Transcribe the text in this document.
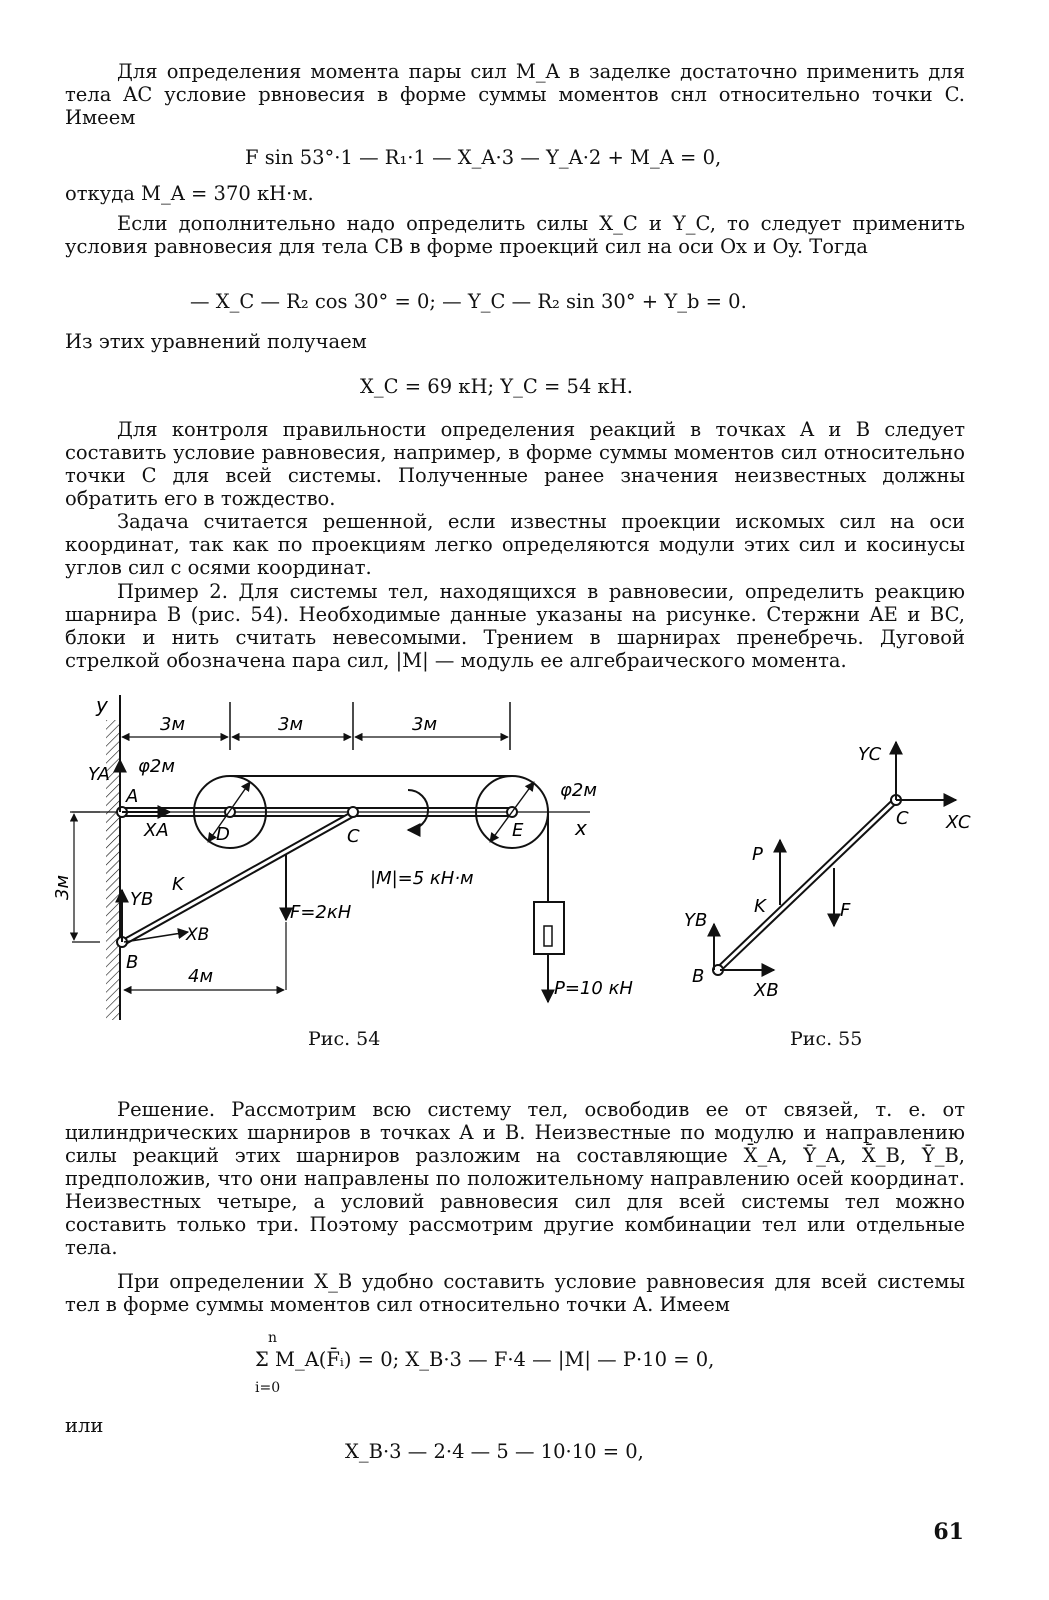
Для определения момента пары сил M_A в заделке достаточно применить для тела AC условие рвновесия в форме суммы моментов снл относительно точки C. Имеем
F sin 53°·1 — R₁·1 — X_A·3 — Y_A·2 + M_A = 0,
откуда M_A = 370 кН·м.
Если дополнительно надо определить силы X_C и Y_C, то следует применить условия равновесия для тела CB в форме проекций сил на оси Ox и Oy. Тогда
— X_C — R₂ cos 30° = 0; — Y_C — R₂ sin 30° + Y_b = 0.
Из этих уравнений получаем
X_C = 69 кН; Y_C = 54 кН.
Для контроля правильности определения реакций в точках A и B следует составить условие равновесия, например, в форме суммы моментов сил относительно точки C для всей системы. Полученные ранее значения неизвестных должны обратить его в тождество.
Задача считается решенной, если известны проекции искомых сил на оси координат, так как по проекциям легко определяются модули этих сил и косинусы углов сил с осями координат.
Пример 2. Для системы тел, находящихся в равновесии, определить реакцию шарнира B (рис. 54). Необходимые данные указаны на рисунке. Стержни AE и BC, блоки и нить считать невесомыми. Трением в шарнирах пренебречь. Дуговой стрелкой обозначена пара сил, |M| — модуль ее алгебраического момента.
y
3м	3м	3м
x
φ2м
φ2м
YA
A
XA	D	C	E
|M|=5 кН·м
F=2кН
P=10 кН
YB
XB
B
K
3м
4м
Рис. 54
YC
XC
C
P
K	F
YB
XB
B
Рис. 55
Решение. Рассмотрим всю систему тел, освободив ее от связей, т. е. от цилиндрических шарниров в точках A и B. Неизвестные по модулю и направлению силы реакций этих шарниров разложим на составляющие X̄_A, Ȳ_A, X̄_B, Ȳ_B, предположив, что они направлены по положительному направлению осей координат. Неизвестных четыре, а условий равновесия сил для всей системы тел можно составить только три. Поэтому рассмотрим другие комбинации тел или отдельные тела.
При определении X_B удобно составить условие равновесия для всей системы тел в форме суммы моментов сил относительно точки A. Имеем
n
Σ M_A(F̄ᵢ) = 0; X_B·3 — F·4 — |M| — P·10 = 0,
i=0
или
X_B·3 — 2·4 — 5 — 10·10 = 0,
61
